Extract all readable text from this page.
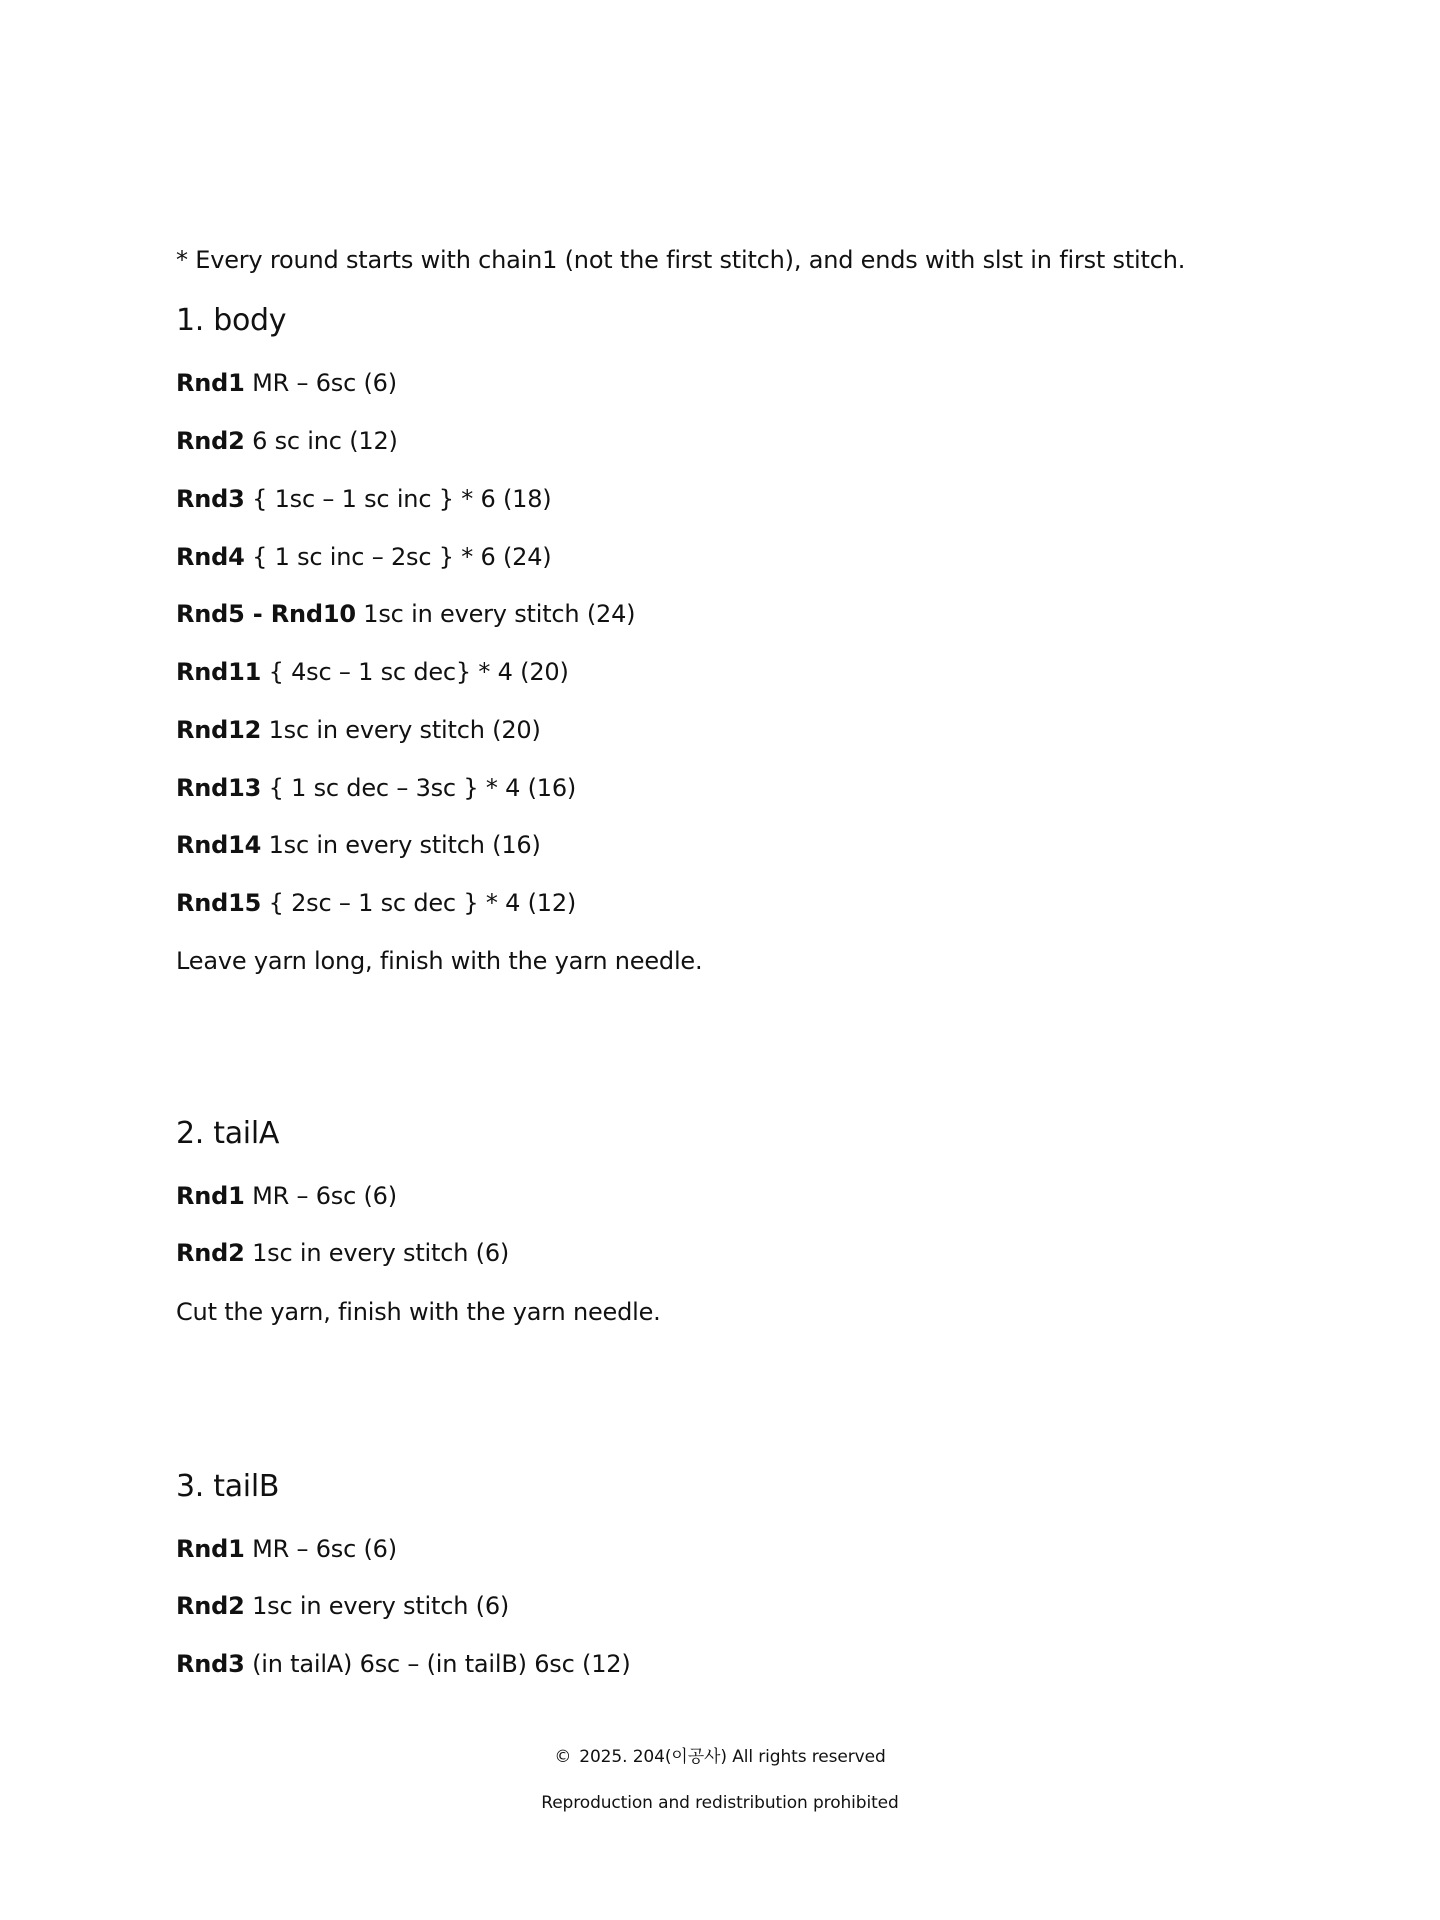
* Every round starts with chain1 (not the first stitch), and ends with slst in first stitch.
1. body
Rnd1 MR – 6sc (6)
Rnd2 6 sc inc (12)
Rnd3 { 1sc – 1 sc inc } * 6 (18)
Rnd4 { 1 sc inc – 2sc } * 6 (24)
Rnd5 - Rnd10 1sc in every stitch (24)
Rnd11 { 4sc – 1 sc dec} * 4 (20)
Rnd12 1sc in every stitch (20)
Rnd13 { 1 sc dec – 3sc } * 4 (16)
Rnd14 1sc in every stitch (16)
Rnd15 { 2sc – 1 sc dec } * 4 (12)
Leave yarn long, finish with the yarn needle.
2. tailA
Rnd1 MR – 6sc (6)
Rnd2 1sc in every stitch (6)
Cut the yarn, finish with the yarn needle.
3. tailB
Rnd1 MR – 6sc (6)
Rnd2 1sc in every stitch (6)
Rnd3 (in tailA) 6sc – (in tailB) 6sc (12)
© 2025. 204(이공사) All rights reserved
Reproduction and redistribution prohibited
